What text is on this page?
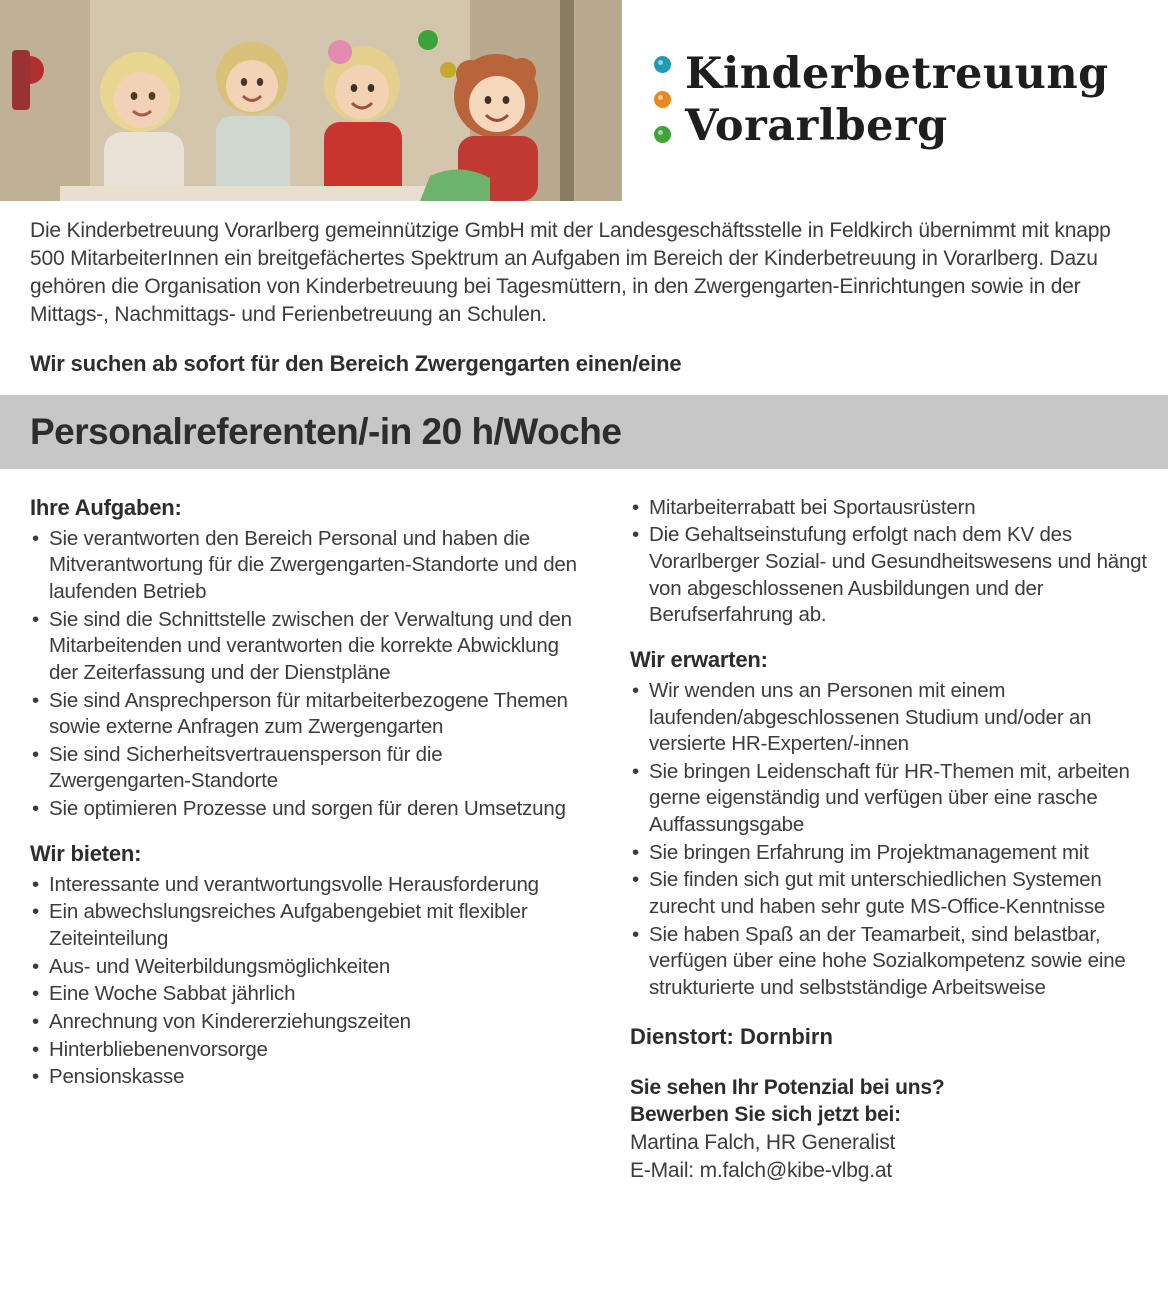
Kinderbetreuung
Vorarlberg

Die Kinderbetreuung Vorarlberg gemeinnützige GmbH mit der Landesgeschäftsstelle in Feldkirch übernimmt mit knapp 500 MitarbeiterInnen ein breitgefächertes Spektrum an Aufgaben im Bereich der Kinderbetreuung in Vorarlberg. Dazu gehören die Organisation von Kinderbetreuung bei Tagesmüttern, in den Zwergengarten-Einrichtungen sowie in der Mittags-, Nachmittags- und Ferienbetreuung an Schulen.

Wir suchen ab sofort für den Bereich Zwergengarten einen/eine

Personalreferenten/-in 20 h/Woche
Ihre Aufgaben:
• Sie verantworten den Bereich Personal und haben die Mitverantwortung für die Zwergengarten-Standorte und den laufenden Betrieb
• Sie sind die Schnittstelle zwischen der Verwaltung und den Mitarbeitenden und verantworten die korrekte Abwicklung der Zeiterfassung und der Dienstpläne
• Sie sind Ansprechperson für mitarbeiterbezogene Themen sowie externe Anfragen zum Zwergengarten
• Sie sind Sicherheitsvertrauensperson für die Zwergengarten-Standorte
• Sie optimieren Prozesse und sorgen für deren Umsetzung
Wir bieten:
• Interessante und verantwortungsvolle Herausforderung
• Ein abwechslungsreiches Aufgabengebiet mit flexibler Zeiteinteilung
• Aus- und Weiterbildungsmöglichkeiten
• Eine Woche Sabbat jährlich
• Anrechnung von Kindererziehungszeiten
• Hinterbliebenenvorsorge
• Pensionskasse
• Mitarbeiterrabatt bei Sportausrüstern
• Die Gehaltseinstufung erfolgt nach dem KV des Vorarlberger Sozial- und Gesundheitswesens und hängt von abgeschlossenen Ausbildungen und der Berufserfahrung ab.
Wir erwarten:
• Wir wenden uns an Personen mit einem laufenden/abgeschlossenen Studium und/oder an versierte HR-Experten/-innen
• Sie bringen Leidenschaft für HR-Themen mit, arbeiten gerne eigenständig und verfügen über eine rasche Auffassungsgabe
• Sie bringen Erfahrung im Projektmanagement mit
• Sie finden sich gut mit unterschiedlichen Systemen zurecht und haben sehr gute MS-Office-Kenntnisse
• Sie haben Spaß an der Teamarbeit, sind belastbar, verfügen über eine hohe Sozialkompetenz sowie eine strukturierte und selbstständige Arbeitsweise

Dienstort: Dornbirn

Sie sehen Ihr Potenzial bei uns?
Bewerben Sie sich jetzt bei:
Martina Falch, HR Generalist
E-Mail: m.falch@kibe-vlbg.at
